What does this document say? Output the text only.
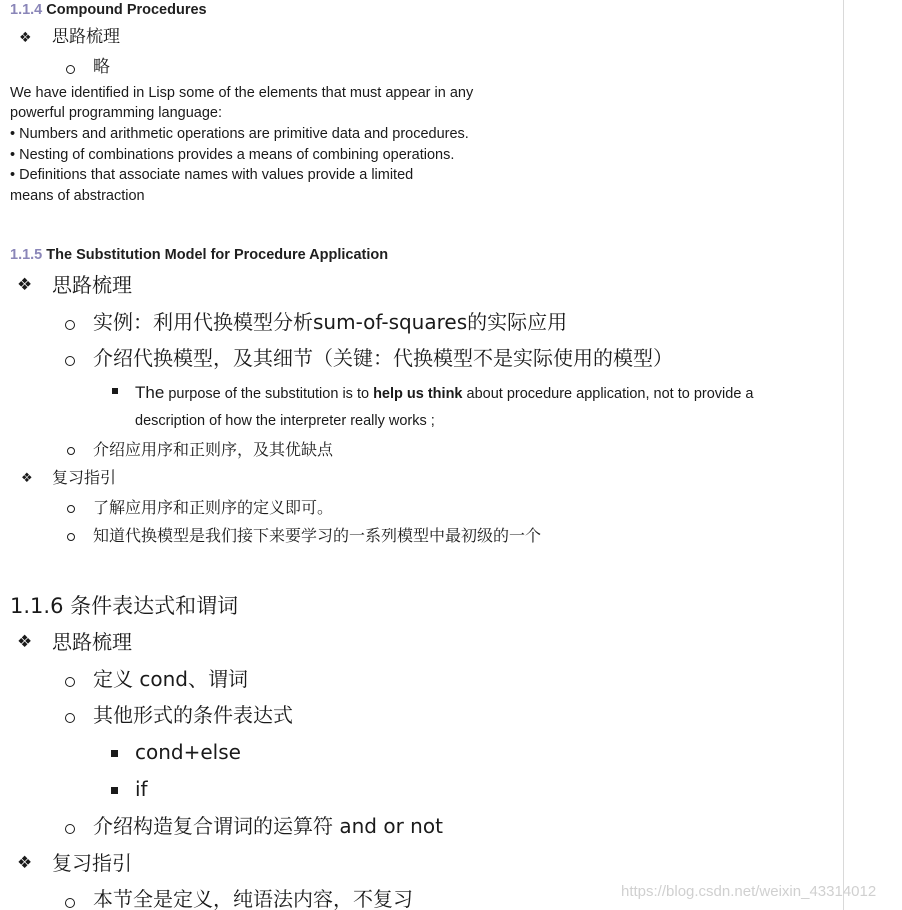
1.1.4 Compound Procedures
❖ 思路梳理
略
We have identified in Lisp some of the elements that must appear in any
powerful programming language:
• Numbers and arithmetic operations are primitive data and procedures.
• Nesting of combinations provides a means of combining operations.
• Definitions that associate names with values provide a limited
means of abstraction
1.1.5 The Substitution Model for Procedure Application
❖ 思路梳理
实例：利用代换模型分析sum-of-squares的实际应用
介绍代换模型，及其细节（关键：代换模型不是实际使用的模型）
The purpose of the substitution is to help us think about procedure application, not to provide a
description of how the interpreter really works ;
介绍应用序和正则序，及其优缺点
❖ 复习指引
了解应用序和正则序的定义即可。
知道代换模型是我们接下来要学习的一系列模型中最初级的一个
1.1.6 条件表达式和谓词
❖ 思路梳理
定义 cond、谓词
其他形式的条件表达式
cond+else
if
介绍构造复合谓词的运算符 and or not
❖ 复习指引
本节全是定义，纯语法内容，不复习	https://blog.csdn.net/weixin_43314012
